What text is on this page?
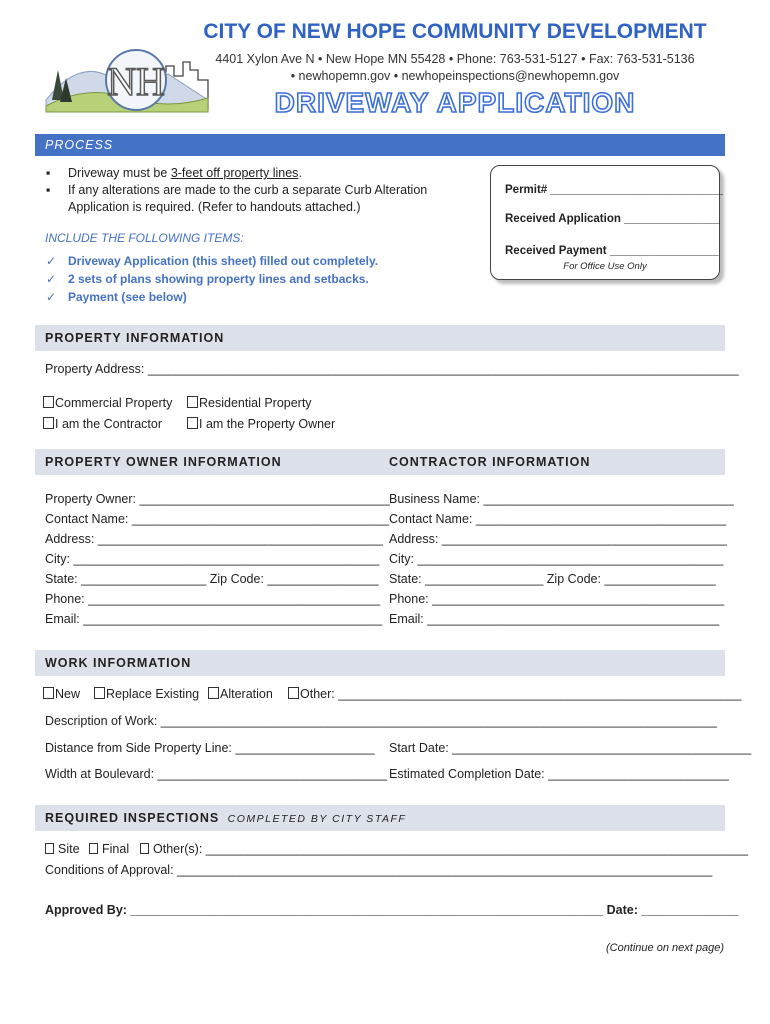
NH
CITY OF NEW HOPE COMMUNITY DEVELOPMENT
4401 Xylon Ave N • New Hope MN 55428 • Phone: 763-531-5127 • Fax: 763-531-5136
• newhopemn.gov • newhopeinspections@newhopemn.gov
DRIVEWAY APPLICATION
PROCESS
▪ Driveway must be 3-feet off property lines.
▪ If any alterations are made to the curb a separate Curb Alteration
Application is required. (Refer to handouts attached.)
INCLUDE THE FOLLOWING ITEMS:
✓ Driveway Application (this sheet) filled out completely.
✓ 2 sets of plans showing property lines and setbacks.
✓ Payment (see below)
Permit# ___________________________
Received Application _______________
Received Payment _________________
For Office Use Only
PROPERTY INFORMATION
Property Address: _____________________________________________________________________________________
Commercial Property	Residential Property
I am the Contractor	I am the Property Owner
PROPERTY OWNER INFORMATION	CONTRACTOR INFORMATION
Property Owner: ____________________________________
Contact Name: _____________________________________
Address: _________________________________________
City: ____________________________________________
State: __________________ Zip Code: ________________
Phone: __________________________________________
Email: ___________________________________________
Business Name: ____________________________________
Contact Name: ____________________________________
Address: _________________________________________
City: ____________________________________________
State: _________________ Zip Code: ________________
Phone: __________________________________________
Email: __________________________________________
WORK INFORMATION
New	Replace Existing	Alteration	Other: __________________________________________________________
Description of Work: ________________________________________________________________________________
Distance from Side Property Line: ____________________ Start Date: ___________________________________________
Width at Boulevard: _________________________________ Estimated Completion Date: __________________________
REQUIRED INSPECTIONS COMPLETED BY CITY STAFF
Site	Final	Other(s): ______________________________________________________________________________
Conditions of Approval: _____________________________________________________________________________
Approved By: ____________________________________________________________________ Date: ______________
(Continue on next page)
